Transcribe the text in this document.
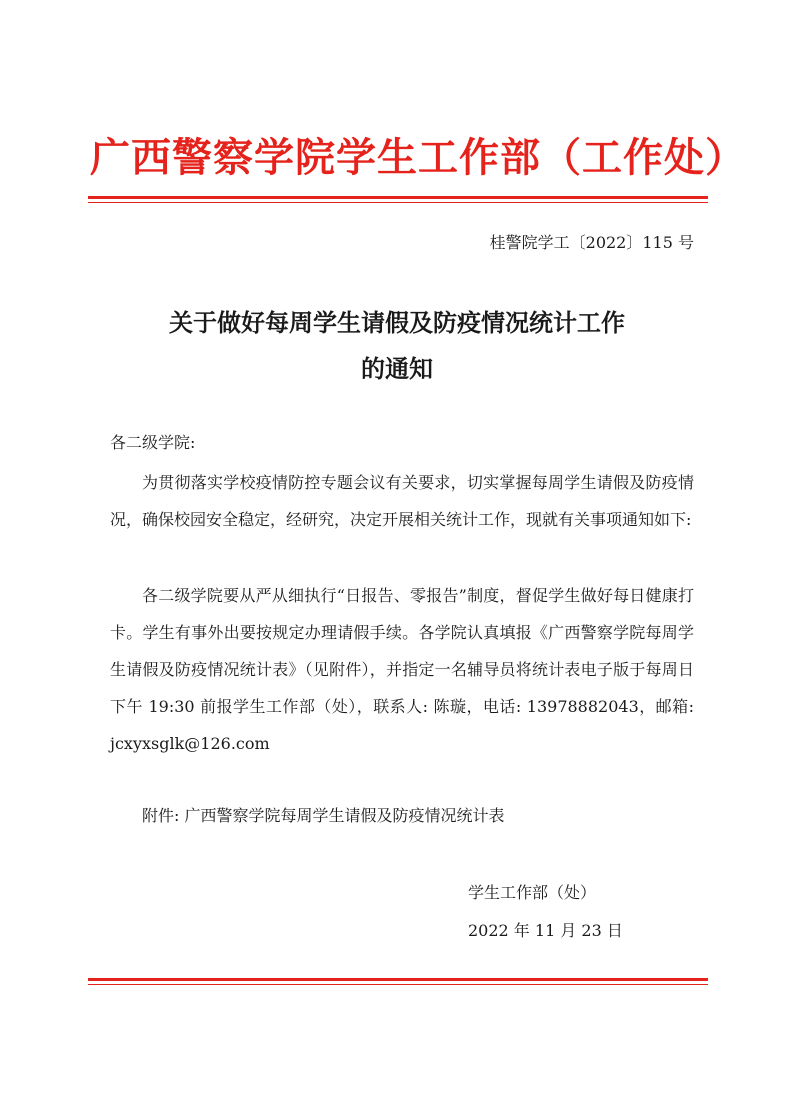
广西警察学院学生工作部（工作处）
桂警院学工〔2022〕115 号
关于做好每周学生请假及防疫情况统计工作
的通知
各二级学院:
为贯彻落实学校疫情防控专题会议有关要求，切实掌握每周学生请假及防疫情况，确保校园安全稳定，经研究，决定开展相关统计工作，现就有关事项通知如下:
各二级学院要从严从细执行“日报告、零报告”制度，督促学生做好每日健康打卡。学生有事外出要按规定办理请假手续。各学院认真填报《广西警察学院每周学生请假及防疫情况统计表》（见附件），并指定一名辅导员将统计表电子版于每周日下午 19:30 前报学生工作部（处），联系人: 陈璇，电话: 13978882043，邮箱: jcxyxsglk@126.com
附件: 广西警察学院每周学生请假及防疫情况统计表
学生工作部（处）
2022 年 11 月 23 日
